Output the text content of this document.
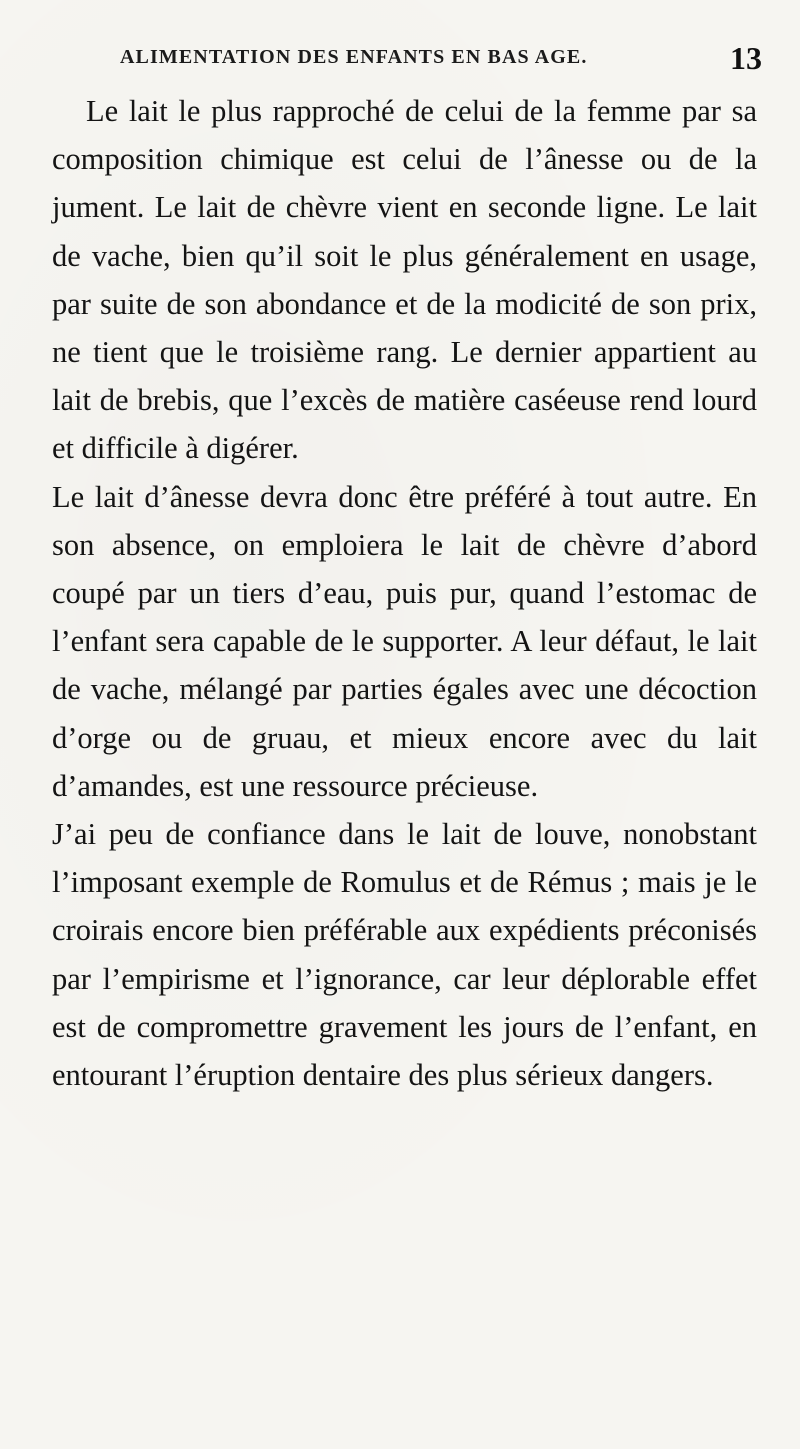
ALIMENTATION DES ENFANTS EN BAS AGE.	13

Le lait le plus rapproché de celui de la femme par sa composition chimique est celui de l’ânesse ou de la jument. Le lait de chèvre vient en seconde ligne. Le lait de vache, bien qu’il soit le plus généralement en usage, par suite de son abondance et de la modicité de son prix, ne tient que le troisième rang. Le dernier appartient au lait de brebis, que l’excès de matière caséeuse rend lourd et difficile à digérer.

Le lait d’ânesse devra donc être préféré à tout autre. En son absence, on emploiera le lait de chèvre d’abord coupé par un tiers d’eau, puis pur, quand l’estomac de l’enfant sera capable de le supporter. A leur défaut, le lait de vache, mélangé par parties égales avec une décoction d’orge ou de gruau, et mieux encore avec du lait d’amandes, est une ressource précieuse.

J’ai peu de confiance dans le lait de louve, nonobstant l’imposant exemple de Romulus et de Rémus ; mais je le croirais encore bien préférable aux expédients préconisés par l’empirisme et l’ignorance, car leur déplorable effet est de compromettre gravement les jours de l’enfant, en entourant l’éruption dentaire des plus sérieux dangers.
